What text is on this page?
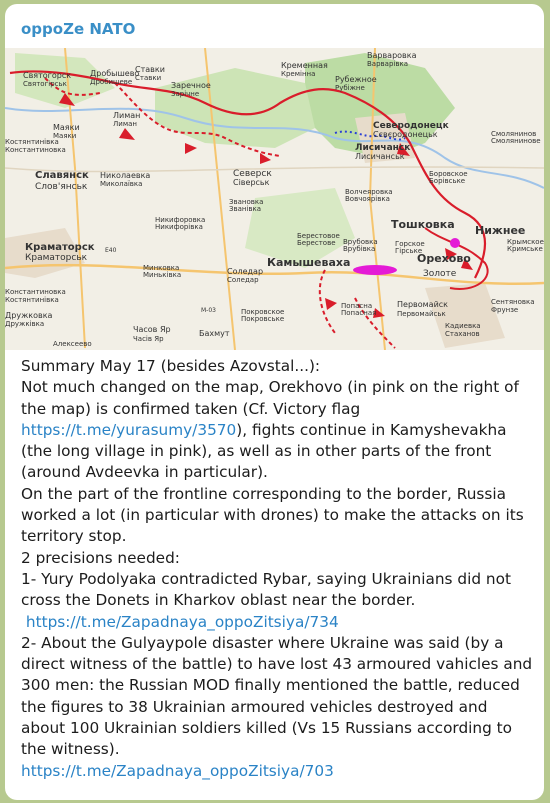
oppoZe NATO
Камышеваха
Тошковка Нижнее
Орехово
Золоте
Святогорск
Святогірськ
Дробышево
Дробишеве
Ставки
Ставки
Кременная
Кремінна
Варваровка
Варварівка
Рубежное
Рубіжне
Заречное
Зарічне
Лиман
Лиман
Маяки
Маяки
Костянтинівка
Константиновка
Славянск
Слов'янськ
Николаевка
Миколаївка
Северск
Сіверськ
Северодонецк
Сєвєродонецьк
Лисичанск
Лисичанськ
Смолянинов
Смолянинове
Боровское
Борівське
Волчеяровка
Вовчоярівка
Звановка
Званівка
Никифоровка
Никифорівка
Краматорск
Краматорськ
Минковка
Миньківка	Соледар
Соледар
Берестовое
Берестове Врубовка
Врубівка
Горское
Гірське
Крымское
Кримське
Дружковка
Дружківка
Константиновка
Костянтинівка
Покровское
Покровське
Попасна
Попасная
Первомайск
Первомайськ
Сентяновка
Фрунзе
Кадиевка
Стаханов
Часов Яр
Часів Яр
Бахмут
Алексеево
E40
M-03
Summary May 17 (besides Azovstal...):
Not much changed on the map, Orekhovo (in pink on the right of the map) is confirmed taken (Cf. Victory flag https://t.me/yurasumy/3570), fights continue in Kamyshevakha (the long village in pink), as well as in other parts of the front (around Avdeevka in particular).
On the part of the frontline corresponding to the border, Russia worked a lot (in particular with drones) to make the attacks on its territory stop.
2 precisions needed:
1- Yury Podolyaka contradicted Rybar, saying Ukrainians did not cross the Donets in Kharkov oblast near the border.
https://t.me/Zapadnaya_oppoZitsiya/734
2- About the Gulyaypole disaster where Ukraine was said (by a direct witness of the battle) to have lost 43 armoured vahicles and 300 men: the Russian MOD finally mentioned the battle, reduced the figures to 38 Ukrainian armoured vehicles destroyed and about 100 Ukrainian soldiers killed (Vs 15 Russians according to the witness).
https://t.me/Zapadnaya_oppoZitsiya/703
